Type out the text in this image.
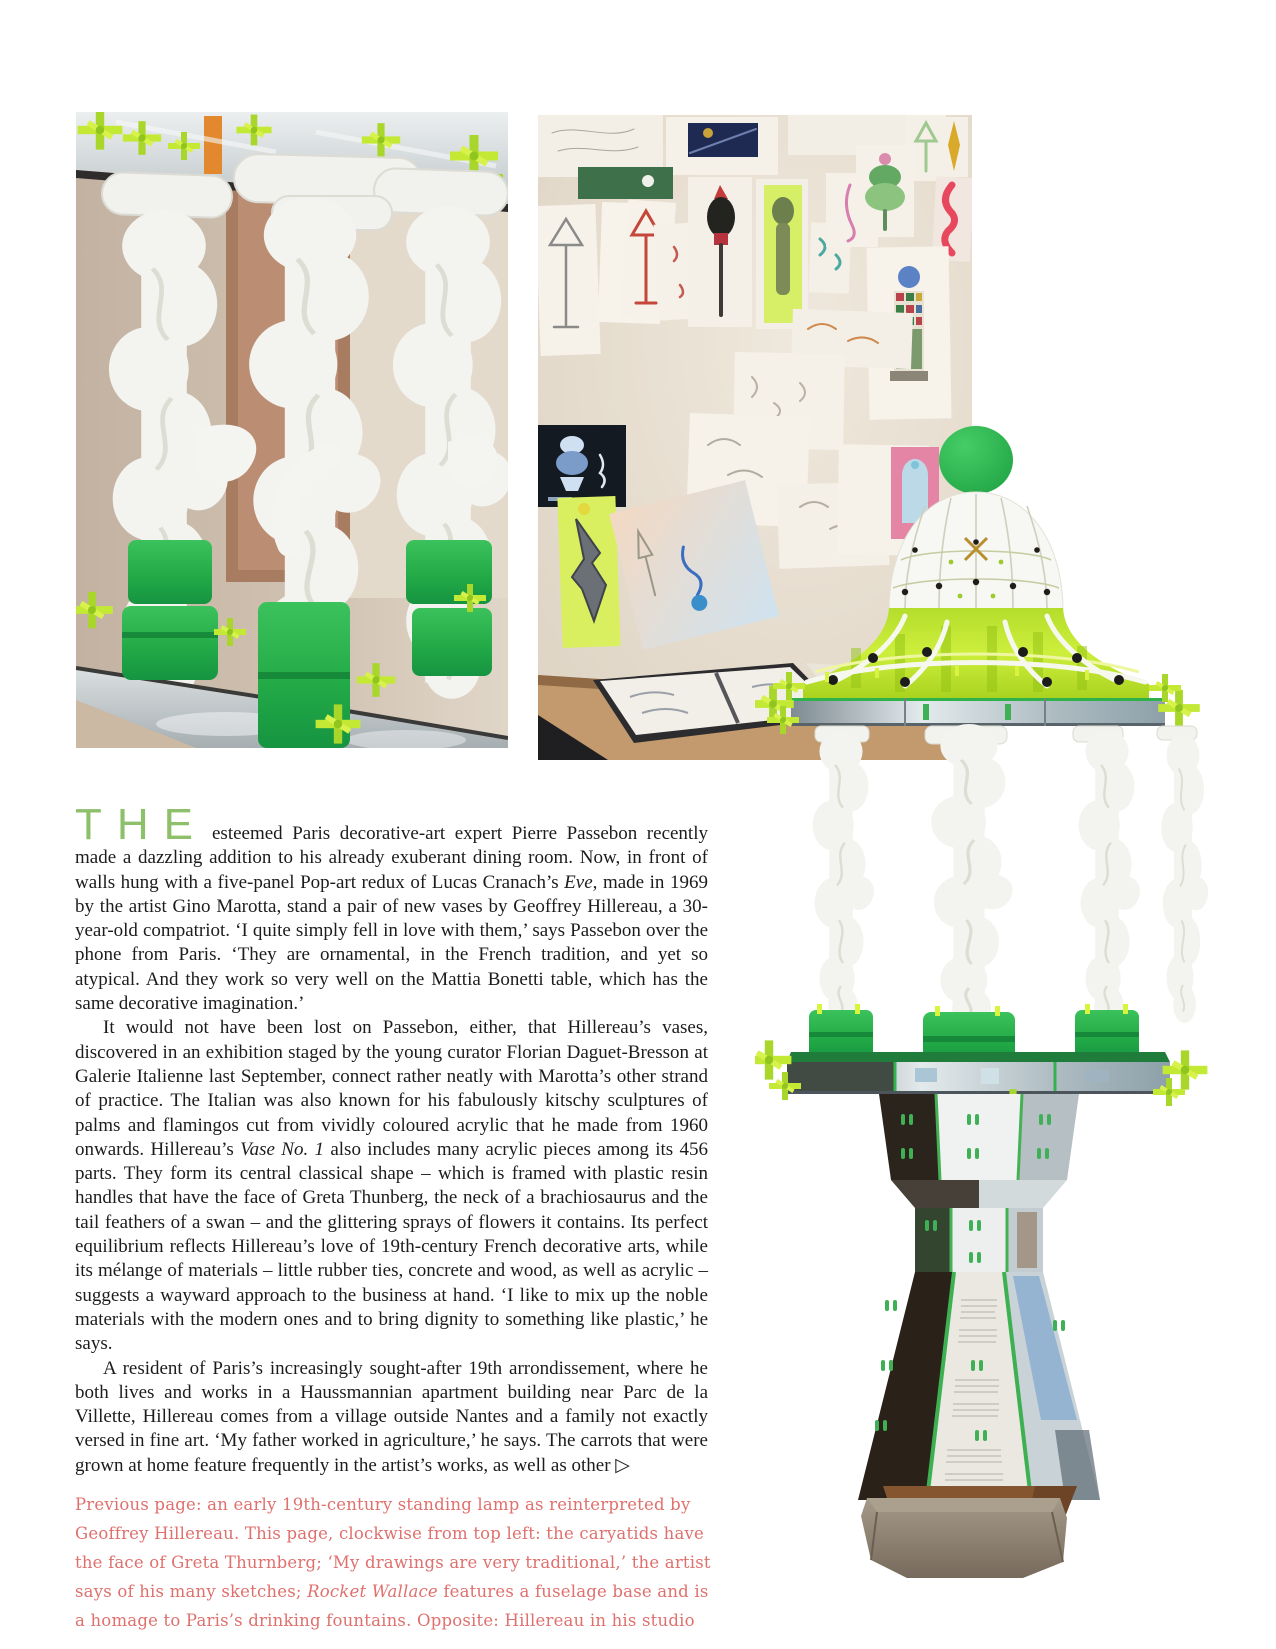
THE esteemed Paris decorative-art expert Pierre Passebon recently made a dazzling addition to his already exuberant dining room. Now, in front of walls hung with a five-panel Pop-art redux of Lucas Cranach’s Eve, made in 1969 by the artist Gino Marotta, stand a pair of new vases by Geoffrey Hillereau, a 30-year-old compatriot. ‘I quite simply fell in love with them,’ says Passebon over the phone from Paris. ‘They are ornamental, in the French tradition, and yet so atypical. And they work so very well on the Mattia Bonetti table, which has the same decorative imagination.’

It would not have been lost on Passebon, either, that Hillereau’s vases, discovered in an exhibition staged by the young curator Florian Daguet-Bresson at Galerie Italienne last September, connect rather neatly with Marotta’s other strand of practice. The Italian was also known for his fabulously kitschy sculptures of palms and flamingos cut from vividly coloured acrylic that he made from 1960 onwards. Hillereau’s Vase No. 1 also includes many acrylic pieces among its 456 parts. They form its central classical shape – which is framed with plastic resin handles that have the face of Greta Thunberg, the neck of a brachiosaurus and the tail feathers of a swan – and the glittering sprays of flowers it contains. Its perfect equilibrium reflects Hillereau’s love of 19th-century French decorative arts, while its mélange of materials – little rubber ties, concrete and wood, as well as acrylic – suggests a wayward approach to the business at hand. ‘I like to mix up the noble materials with the modern ones and to bring dignity to something like plastic,’ he says.

A resident of Paris’s increasingly sought-after 19th arrondissement, where he both lives and works in a Haussmannian apartment building near Parc de la Villette, Hillereau comes from a village outside Nantes and a family not exactly versed in fine art. ‘My father worked in agriculture,’ he says. The carrots that were grown at home feature frequently in the artist’s works, as well as other ▷

Previous page: an early 19th-century standing lamp as reinterpreted by Geoffrey Hillereau. This page, clockwise from top left: the caryatids have the face of Greta Thurnberg; ‘My drawings are very traditional,’ the artist says of his many sketches; Rocket Wallace features a fuselage base and is a homage to Paris’s drinking fountains. Opposite: Hillereau in his studio
